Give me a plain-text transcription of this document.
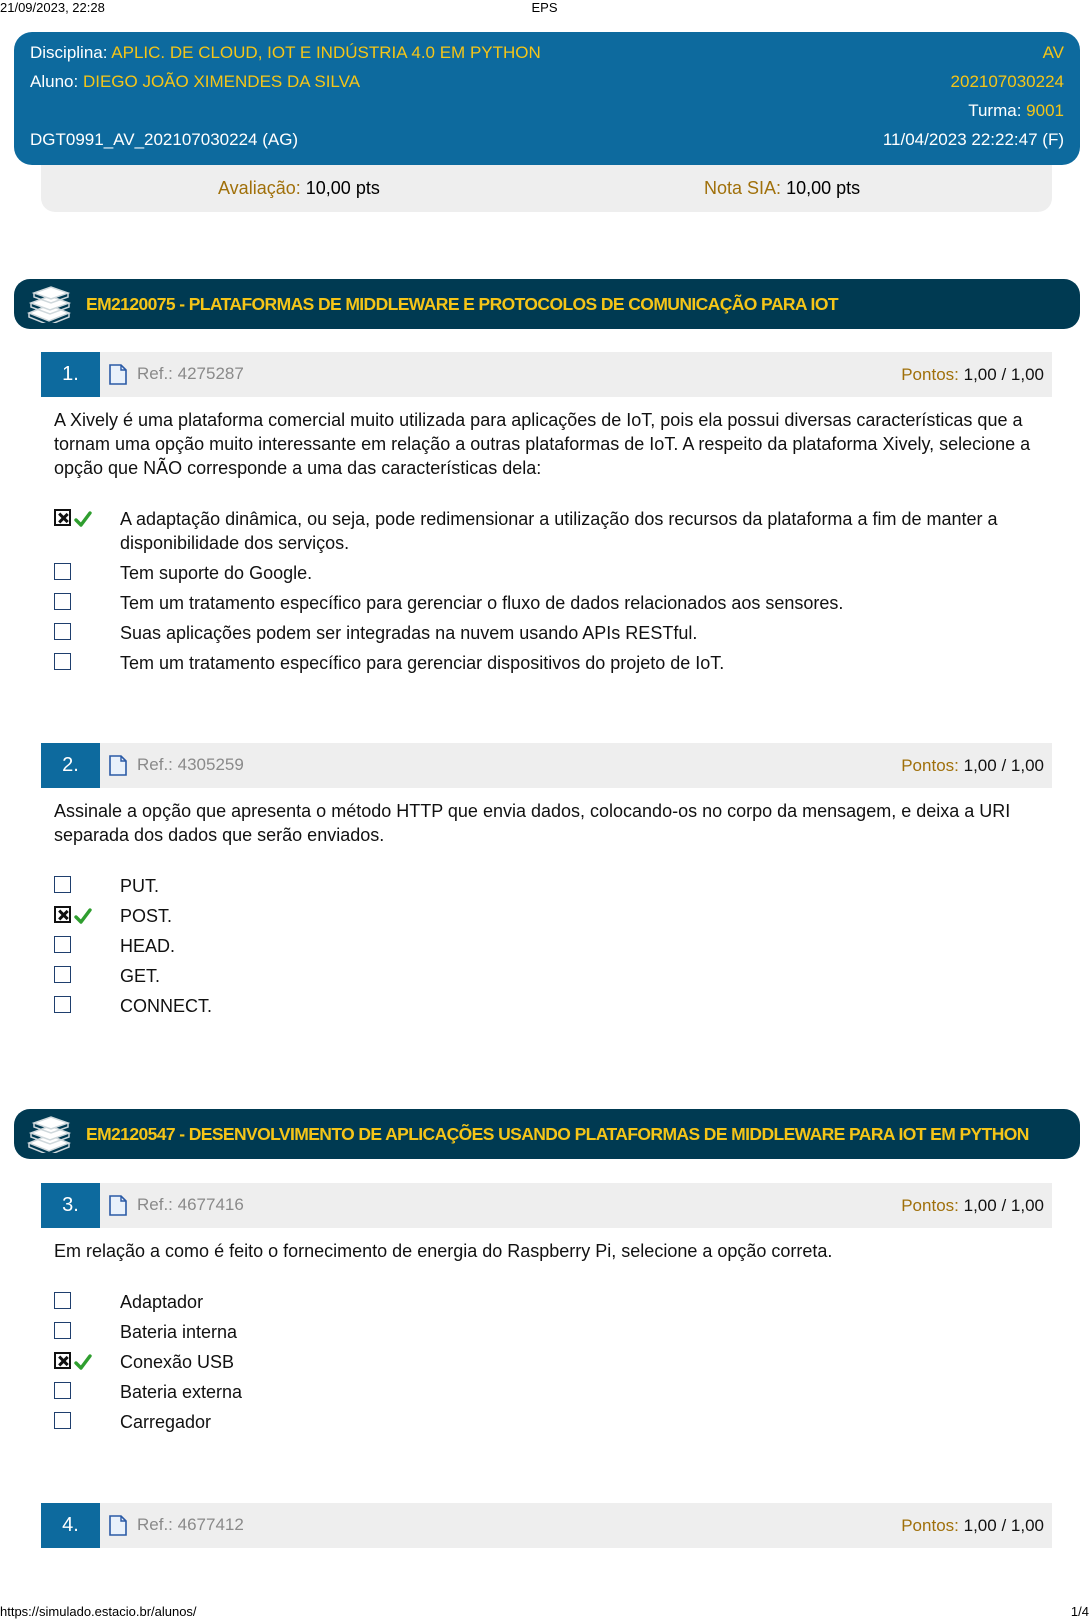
21/09/2023, 22:28	EPS
Disciplina: APLIC. DE CLOUD, IOT E INDÚSTRIA 4.0 EM PYTHON	AV
Aluno: DIEGO JOÃO XIMENDES DA SILVA	202107030224
Turma: 9001
DGT0991_AV_202107030224 (AG)	11/04/2023 22:22:47 (F)
Avaliação: 10,00 pts	Nota SIA: 10,00 pts
EM2120075 - PLATAFORMAS DE MIDDLEWARE E PROTOCOLOS DE COMUNICAÇÃO PARA IOT
1.	Ref.: 4275287	Pontos: 1,00 / 1,00
A Xively é uma plataforma comercial muito utilizada para aplicações de IoT, pois ela possui diversas características que a tornam uma opção muito interessante em relação a outras plataformas de IoT. A respeito da plataforma Xively, selecione a opção que NÃO corresponde a uma das características dela:
A adaptação dinâmica, ou seja, pode redimensionar a utilização dos recursos da plataforma a fim de manter a disponibilidade dos serviços.
Tem suporte do Google.
Tem um tratamento específico para gerenciar o fluxo de dados relacionados aos sensores.
Suas aplicações podem ser integradas na nuvem usando APIs RESTful.
Tem um tratamento específico para gerenciar dispositivos do projeto de IoT.
2.	Ref.: 4305259	Pontos: 1,00 / 1,00
Assinale a opção que apresenta o método HTTP que envia dados, colocando-os no corpo da mensagem, e deixa a URI separada dos dados que serão enviados.
PUT.
POST.
HEAD.
GET.
CONNECT.
EM2120547 - DESENVOLVIMENTO DE APLICAÇÕES USANDO PLATAFORMAS DE MIDDLEWARE PARA IOT EM PYTHON
3.	Ref.: 4677416	Pontos: 1,00 / 1,00
Em relação a como é feito o fornecimento de energia do Raspberry Pi, selecione a opção correta.
Adaptador
Bateria interna
Conexão USB
Bateria externa
Carregador
4.	Ref.: 4677412	Pontos: 1,00 / 1,00
https://simulado.estacio.br/alunos/	1/4
